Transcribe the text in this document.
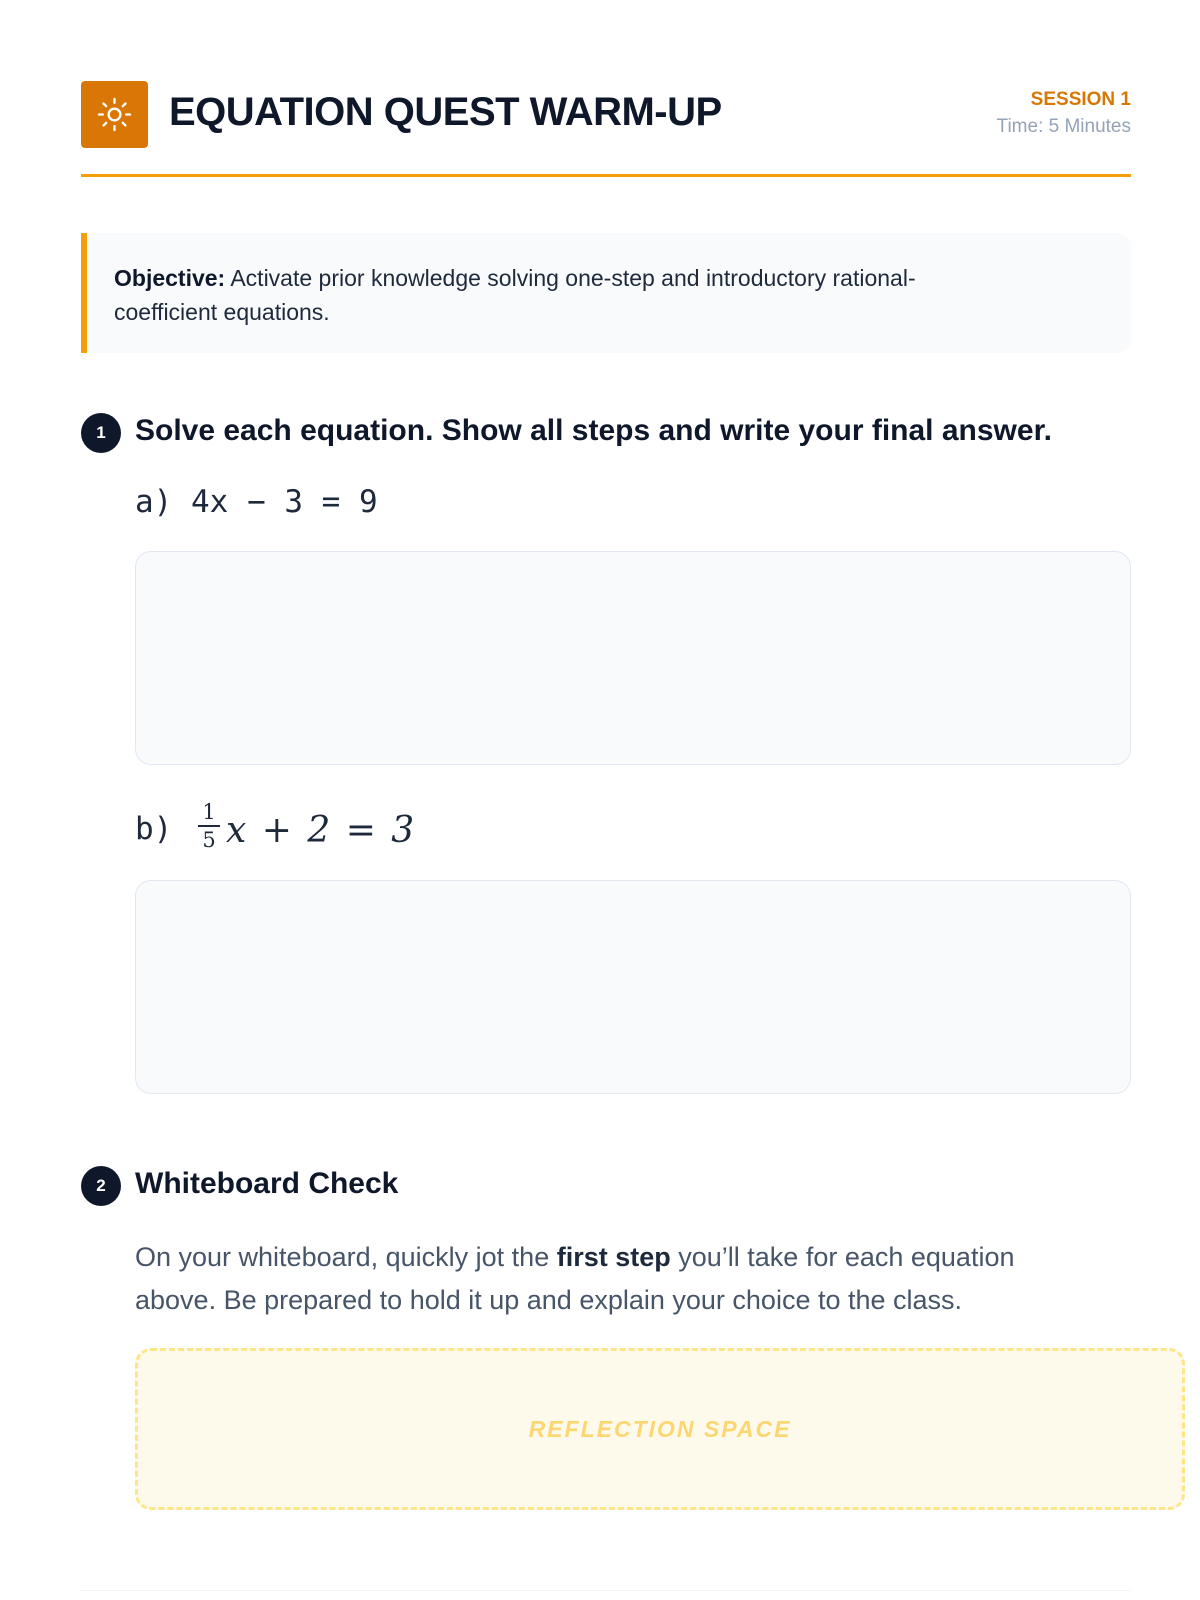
EQUATION QUEST WARM-UP	SESSION 1
Time: 5 Minutes
Objective: Activate prior knowledge solving one-step and introductory rational-coefficient equations.
1 Solve each equation. Show all steps and write your final answer.
a) 4x − 3 = 9
b) 1
5 x + 2 = 3
2 Whiteboard Check
On your whiteboard, quickly jot the first step you’ll take for each equation above. Be prepared to hold it up and explain your choice to the class.
REFLECTION SPACE
